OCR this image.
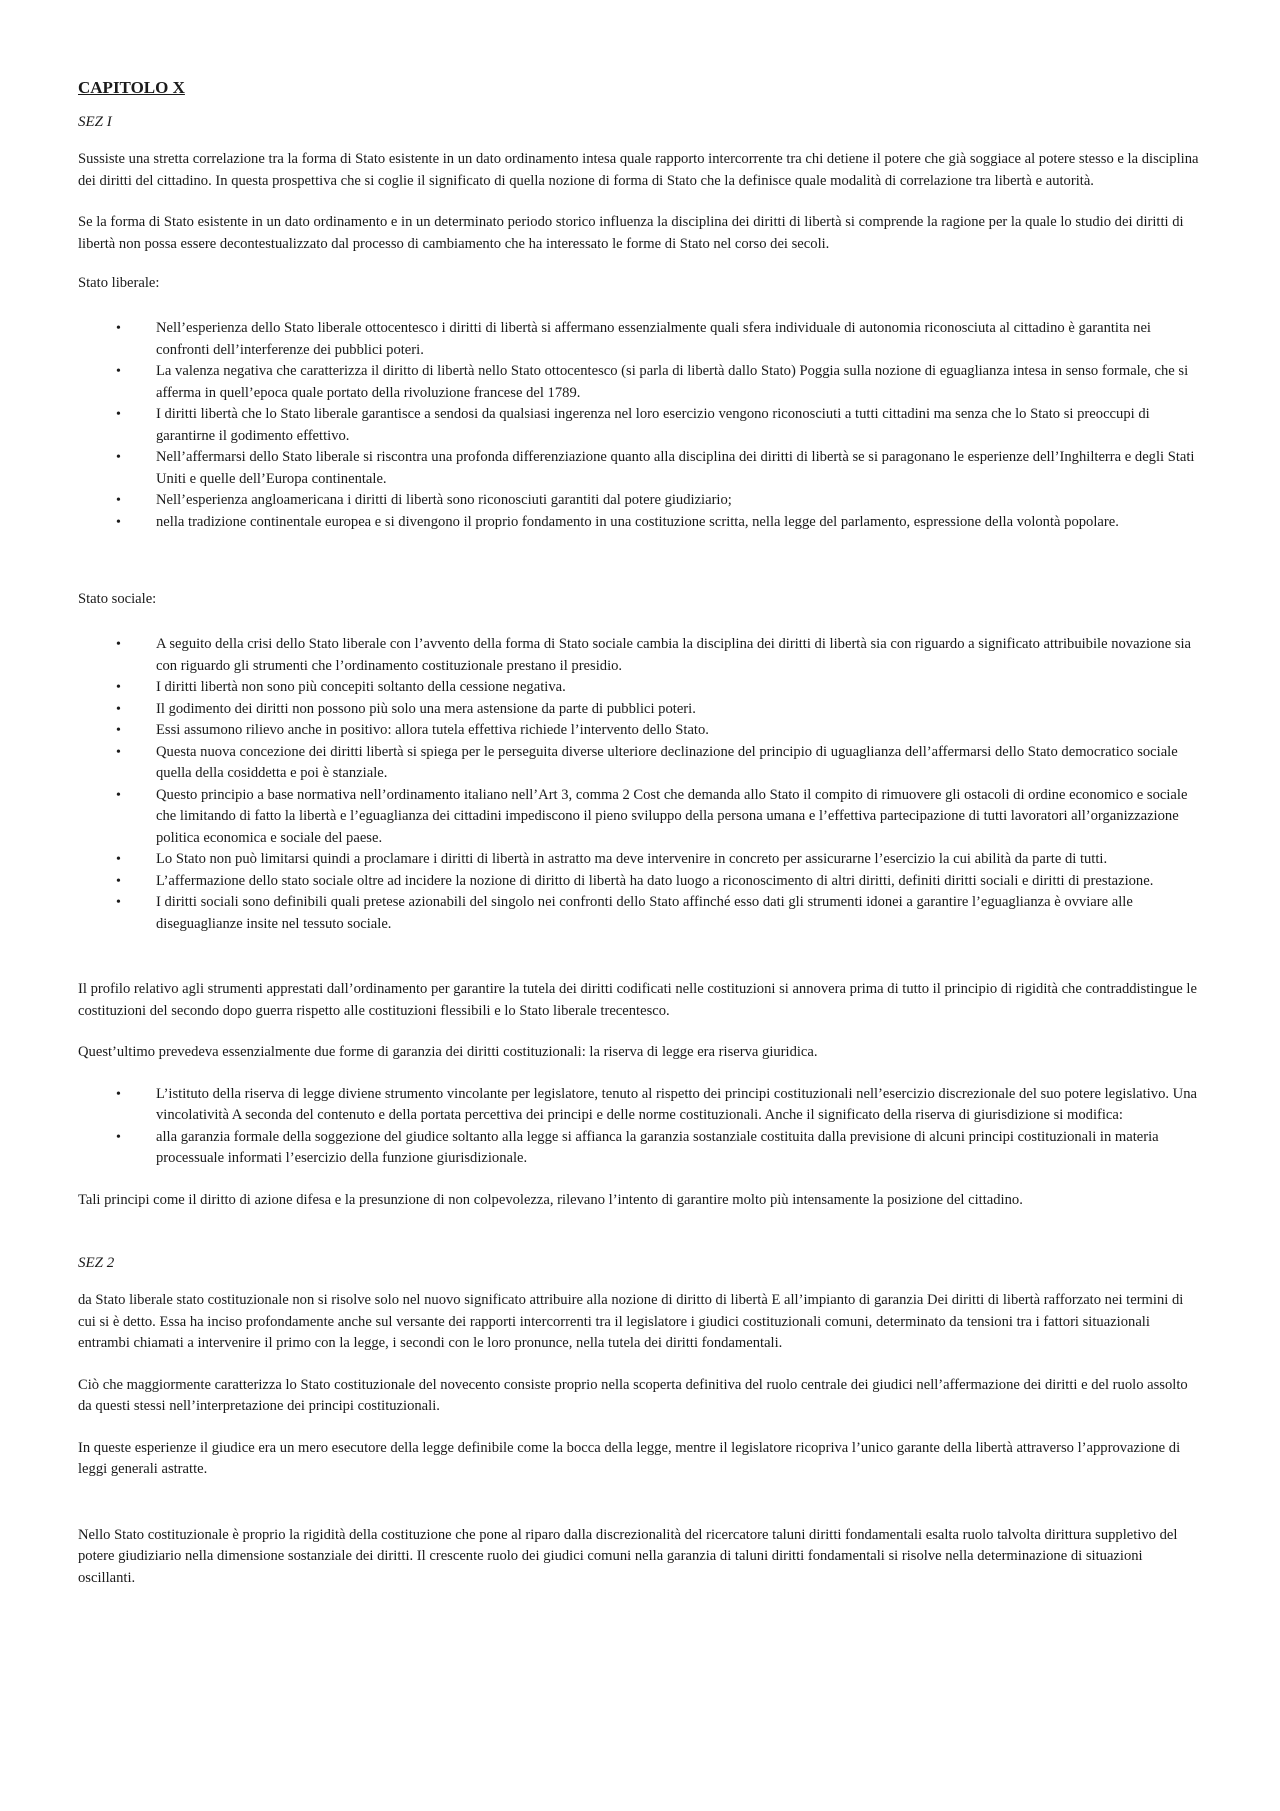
CAPITOLO X
SEZ I

Sussiste una stretta correlazione tra la forma di Stato esistente in un dato ordinamento intesa quale rapporto intercorrente tra chi detiene il potere che già soggiace al potere stesso e la disciplina dei diritti del cittadino. In questa prospettiva che si coglie il significato di quella nozione di forma di Stato che la definisce quale modalità di correlazione tra libertà e autorità.

Se la forma di Stato esistente in un dato ordinamento e in un determinato periodo storico influenza la disciplina dei diritti di libertà si comprende la ragione per la quale lo studio dei diritti di libertà non possa essere decontestualizzato dal processo di cambiamento che ha interessato le forme di Stato nel corso dei secoli.

Stato liberale:
• Nell’esperienza dello Stato liberale ottocentesco i diritti di libertà si affermano essenzialmente quali sfera individuale di autonomia riconosciuta al cittadino è garantita nei confronti dell’interferenze dei pubblici poteri.
• La valenza negativa che caratterizza il diritto di libertà nello Stato ottocentesco (si parla di libertà dallo Stato) Poggia sulla nozione di eguaglianza intesa in senso formale, che si afferma in quell’epoca quale portato della rivoluzione francese del 1789.
• I diritti libertà che lo Stato liberale garantisce a sendosi da qualsiasi ingerenza nel loro esercizio vengono riconosciuti a tutti cittadini ma senza che lo Stato si preoccupi di garantirne il godimento effettivo.
• Nell’affermarsi dello Stato liberale si riscontra una profonda differenziazione quanto alla disciplina dei diritti di libertà se si paragonano le esperienze dell’Inghilterra e degli Stati Uniti e quelle dell’Europa continentale.
• Nell’esperienza angloamericana i diritti di libertà sono riconosciuti garantiti dal potere giudiziario;
• nella tradizione continentale europea e si divengono il proprio fondamento in una costituzione scritta, nella legge del parlamento, espressione della volontà popolare.
Stato sociale:
• A seguito della crisi dello Stato liberale con l’avvento della forma di Stato sociale cambia la disciplina dei diritti di libertà sia con riguardo a significato attribuibile novazione sia con riguardo gli strumenti che l’ordinamento costituzionale prestano il presidio.
• I diritti libertà non sono più concepiti soltanto della cessione negativa.
• Il godimento dei diritti non possono più solo una mera astensione da parte di pubblici poteri.
• Essi assumono rilievo anche in positivo: allora tutela effettiva richiede l’intervento dello Stato.
• Questa nuova concezione dei diritti libertà si spiega per le perseguita diverse ulteriore declinazione del principio di uguaglianza dell’affermarsi dello Stato democratico sociale quella della cosiddetta e poi è stanziale.
• Questo principio a base normativa nell’ordinamento italiano nell’Art 3, comma 2 Cost che demanda allo Stato il compito di rimuovere gli ostacoli di ordine economico e sociale che limitando di fatto la libertà e l’eguaglianza dei cittadini impediscono il pieno sviluppo della persona umana e l’effettiva partecipazione di tutti lavoratori all’organizzazione politica economica e sociale del paese.
• Lo Stato non può limitarsi quindi a proclamare i diritti di libertà in astratto ma deve intervenire in concreto per assicurarne l’esercizio la cui abilità da parte di tutti.
• L’affermazione dello stato sociale oltre ad incidere la nozione di diritto di libertà ha dato luogo a riconoscimento di altri diritti, definiti diritti sociali e diritti di prestazione.
• I diritti sociali sono definibili quali pretese azionabili del singolo nei confronti dello Stato affinché esso dati gli strumenti idonei a garantire l’eguaglianza è ovviare alle diseguaglianze insite nel tessuto sociale.

Il profilo relativo agli strumenti apprestati dall’ordinamento per garantire la tutela dei diritti codificati nelle costituzioni si annovera prima di tutto il principio di rigidità che contraddistingue le costituzioni del secondo dopo guerra rispetto alle costituzioni flessibili e lo Stato liberale trecentesco.

Quest’ultimo prevedeva essenzialmente due forme di garanzia dei diritti costituzionali: la riserva di legge era riserva giuridica.

• L’istituto della riserva di legge diviene strumento vincolante per legislatore, tenuto al rispetto dei principi costituzionali nell’esercizio discrezionale del suo potere legislativo. Una vincolatività A seconda del contenuto e della portata percettiva dei principi e delle norme costituzionali. Anche il significato della riserva di giurisdizione si modifica:
• alla garanzia formale della soggezione del giudice soltanto alla legge si affianca la garanzia sostanziale costituita dalla previsione di alcuni principi costituzionali in materia processuale informati l’esercizio della funzione giurisdizionale.

Tali principi come il diritto di azione difesa e la presunzione di non colpevolezza, rilevano l’intento di garantire molto più intensamente la posizione del cittadino.

SEZ 2

da Stato liberale stato costituzionale non si risolve solo nel nuovo significato attribuire alla nozione di diritto di libertà E all’impianto di garanzia Dei diritti di libertà rafforzato nei termini di cui si è detto. Essa ha inciso profondamente anche sul versante dei rapporti intercorrenti tra il legislatore i giudici costituzionali comuni, determinato da tensioni tra i fattori situazionali entrambi chiamati a intervenire il primo con la legge, i secondi con le loro pronunce, nella tutela dei diritti fondamentali.

Ciò che maggiormente caratterizza lo Stato costituzionale del novecento consiste proprio nella scoperta definitiva del ruolo centrale dei giudici nell’affermazione dei diritti e del ruolo assolto da questi stessi nell’interpretazione dei principi costituzionali.

In queste esperienze il giudice era un mero esecutore della legge definibile come la bocca della legge, mentre il legislatore ricopriva l’unico garante della libertà attraverso l’approvazione di leggi generali astratte.

Nello Stato costituzionale è proprio la rigidità della costituzione che pone al riparo dalla discrezionalità del ricercatore taluni diritti fondamentali esalta ruolo talvolta dirittura suppletivo del potere giudiziario nella dimensione sostanziale dei diritti. Il crescente ruolo dei giudici comuni nella garanzia di taluni diritti fondamentali si risolve nella determinazione di situazioni oscillanti.
